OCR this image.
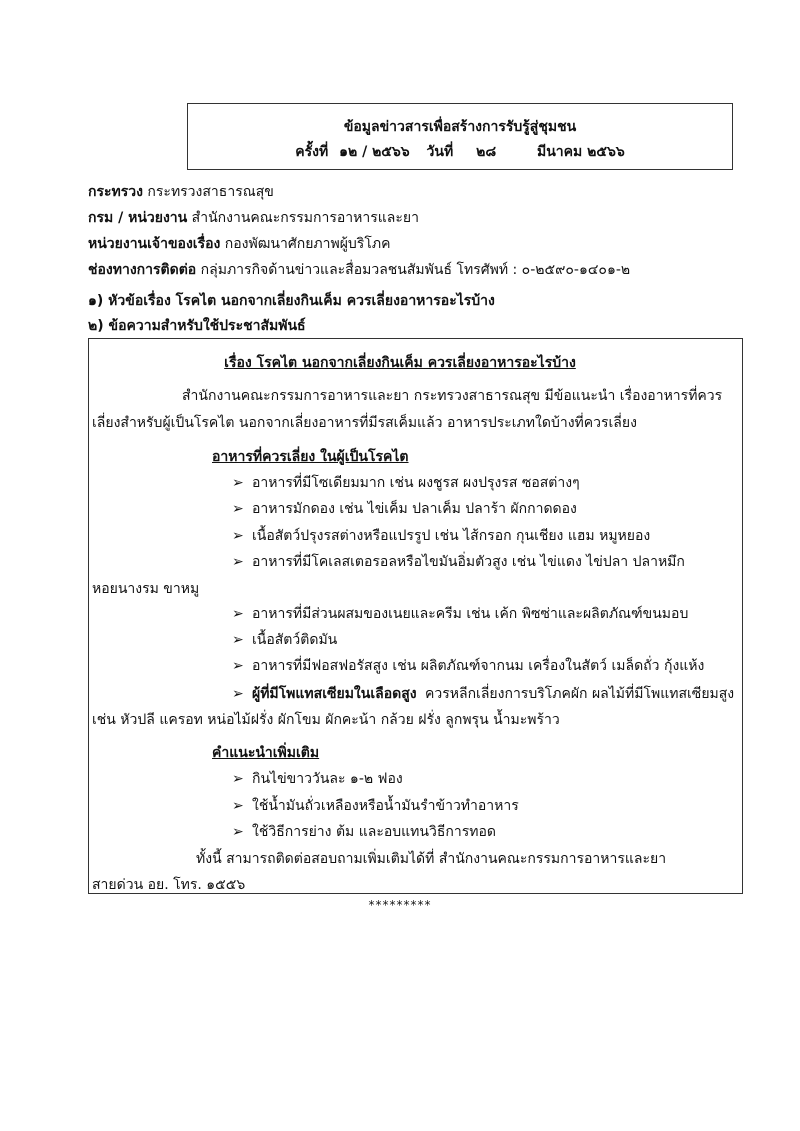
ข้อมูลข่าวสารเพื่อสร้างการรับรู้สู่ชุมชน
ครั้งที่ ๑๒ / ๒๕๖๖ วันที่ ๒๘	มีนาคม ๒๕๖๖
กระทรวง กระทรวงสาธารณสุข
กรม / หน่วยงาน สำนักงานคณะกรรมการอาหารและยา
หน่วยงานเจ้าของเรื่อง กองพัฒนาศักยภาพผู้บริโภค
ช่องทางการติดต่อ กลุ่มภารกิจด้านข่าวและสื่อมวลชนสัมพันธ์ โทรศัพท์ : ๐-๒๕๙๐-๑๔๐๑-๒
๑) หัวข้อเรื่อง โรคไต นอกจากเลี่ยงกินเค็ม ควรเลี่ยงอาหารอะไรบ้าง
๒) ข้อความสำหรับใช้ประชาสัมพันธ์
เรื่อง โรคไต นอกจากเลี่ยงกินเค็ม ควรเลี่ยงอาหารอะไรบ้าง
สำนักงานคณะกรรมการอาหารและยา กระทรวงสาธารณสุข มีข้อแนะนำ เรื่องอาหารที่ควร
เลี่ยงสำหรับผู้เป็นโรคไต นอกจากเลี่ยงอาหารที่มีรสเค็มแล้ว อาหารประเภทใดบ้างที่ควรเลี่ยง
อาหารที่ควรเลี่ยง ในผู้เป็นโรคไต
➢ อาหารที่มีโซเดียมมาก เช่น ผงชูรส ผงปรุงรส ซอสต่างๆ
➢ อาหารมักดอง เช่น ไข่เค็ม ปลาเค็ม ปลาร้า ผักกาดดอง
➢ เนื้อสัตว์ปรุงรสต่างหรือแปรรูป เช่น ไส้กรอก กุนเชียง แฮม หมูหยอง
➢ อาหารที่มีโคเลสเตอรอลหรือไขมันอิ่มตัวสูง เช่น ไข่แดง ไข่ปลา ปลาหมึก
หอยนางรม ขาหมู
➢ อาหารที่มีส่วนผสมของเนยและครีม เช่น เค้ก พิซซ่าและผลิตภัณฑ์ขนมอบ
➢ เนื้อสัตว์ติดมัน
➢ อาหารที่มีฟอสฟอรัสสูง เช่น ผลิตภัณฑ์จากนม เครื่องในสัตว์ เมล็ดถั่ว กุ้งแห้ง
➢ ผู้ที่มีโพแทสเซียมในเลือดสูง ควรหลีกเลี่ยงการบริโภคผัก ผลไม้ที่มีโพแทสเซียมสูง
เช่น หัวปลี แครอท หน่อไม้ฝรั่ง ผักโขม ผักคะน้า กล้วย ฝรั่ง ลูกพรุน น้ำมะพร้าว
คำแนะนำเพิ่มเติม
➢ กินไข่ขาววันละ ๑-๒ ฟอง
➢ ใช้น้ำมันถั่วเหลืองหรือน้ำมันรำข้าวทำอาหาร
➢ ใช้วิธีการย่าง ต้ม และอบแทนวิธีการทอด
ทั้งนี้ สามารถติดต่อสอบถามเพิ่มเติมได้ที่ สำนักงานคณะกรรมการอาหารและยา
สายด่วน อย. โทร. ๑๕๕๖
*********
